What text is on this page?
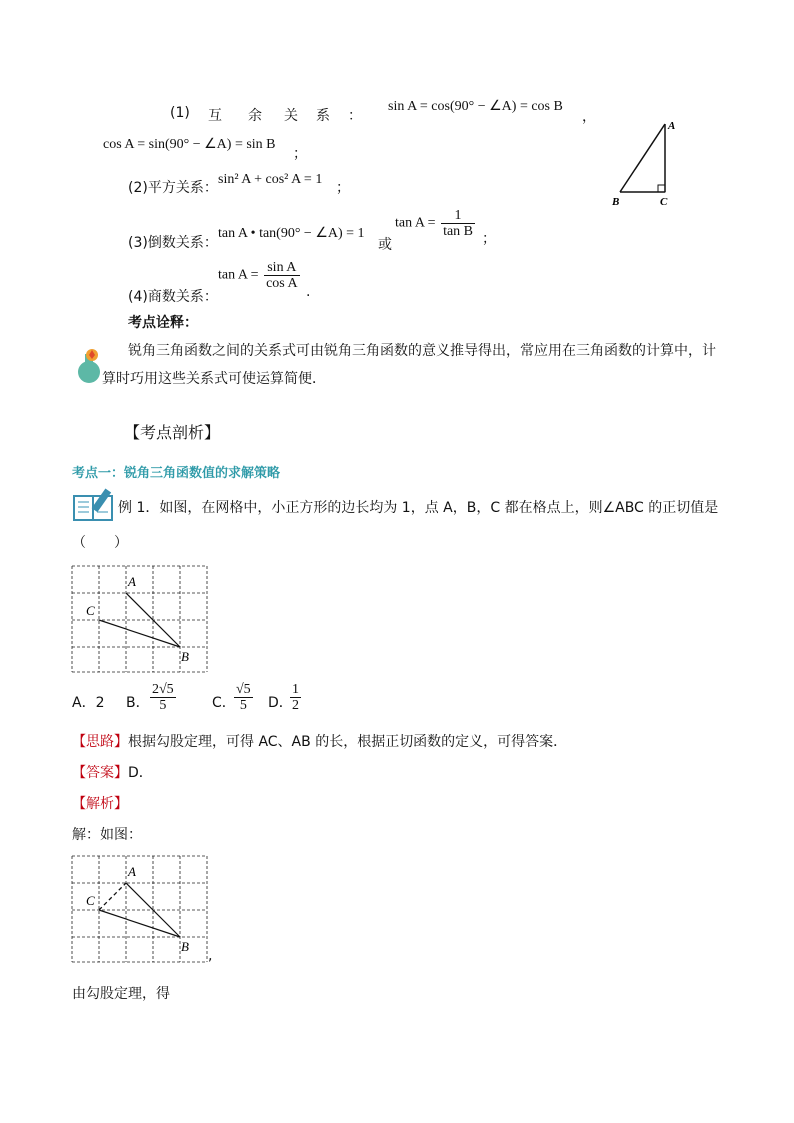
(1) 互 余 关 系 ：
sin A = cos(90° − ∠A) = cos B
，
cos A = sin(90° − ∠A) = sin B
；
(2)平方关系：
sin² A + cos² A = 1
；
(3)倒数关系：
tan A • tan(90° − ∠A) = 1
或
$\tan A = \frac{1}{\text{tan B}}$ ；
(4)商数关系：
$\tan A = \frac{\text{sin A}}{\text{cos A}}$
.
A
B	C
考点诠释：
锐角三角函数之间的关系式可由锐角三角函数的意义推导得出，常应用在三角函数的计算中，计
算时巧用这些关系式可使运算简便．
【考点剖析】
考点一：锐角三角函数值的求解策略
例 1．如图，在网格中，小正方形的边长均为 1，点 A，B，C 都在格点上，则∠ABC 的正切值是
（　　）
A
C
B
A．2 B． $\frac{2√5}{5}$	C．
$\frac{√5}{5}$ D．
$\frac{1}{2}$
【思路】根据勾股定理，可得 AC、AB 的长，根据正切函数的定义，可得答案．
【答案】D．
【解析】
解：如图：
A
C
B
,
由勾股定理，得
